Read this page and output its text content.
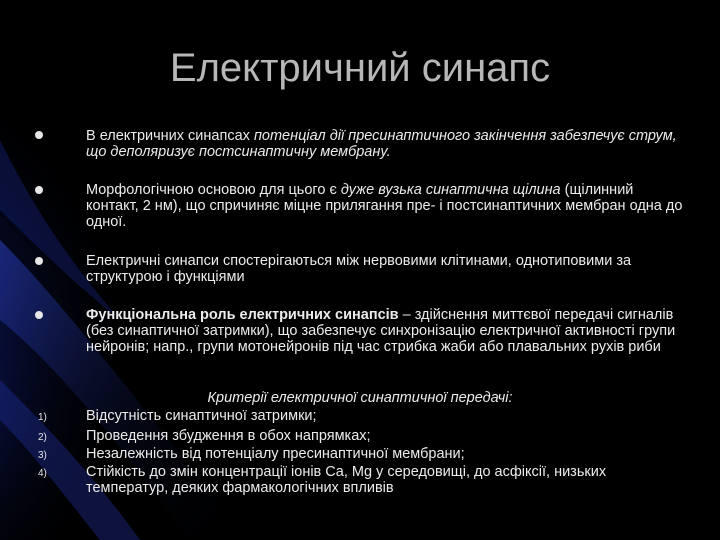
Електричний синапс
В електричних синапсах потенціал дії пресинаптичного закінчення забезпечує струм, що деполяризує постсинаптичну мембрану.
Морфологічною основою для цього є дуже вузька синаптична щілина (щілинний контакт, 2 нм), що спричиняє міцне прилягання пре- і постсинаптичних мембран одна до одної.
Електричні синапси спостерігаються між нервовими клітинами, однотиповими за структурою і функціями
Функціональна роль електричних синапсів – здійснення миттєвої передачі сигналів (без синаптичної затримки), що забезпечує синхронізацію електричної активності групи нейронів; напр., групи мотонейронів під час стрибка жаби або плавальних рухів риби
Критерії електричної синаптичної передачі:
1)	Відсутність синаптичної затримки;
2)	Проведення збудження в обох напрямках;
3)	Незалежність від потенціалу пресинаптичної мембрани;
4)	Стійкість до змін концентрації іонів Ca, Mg у середовищі, до асфіксії, низьких температур, деяких фармакологічних впливів
